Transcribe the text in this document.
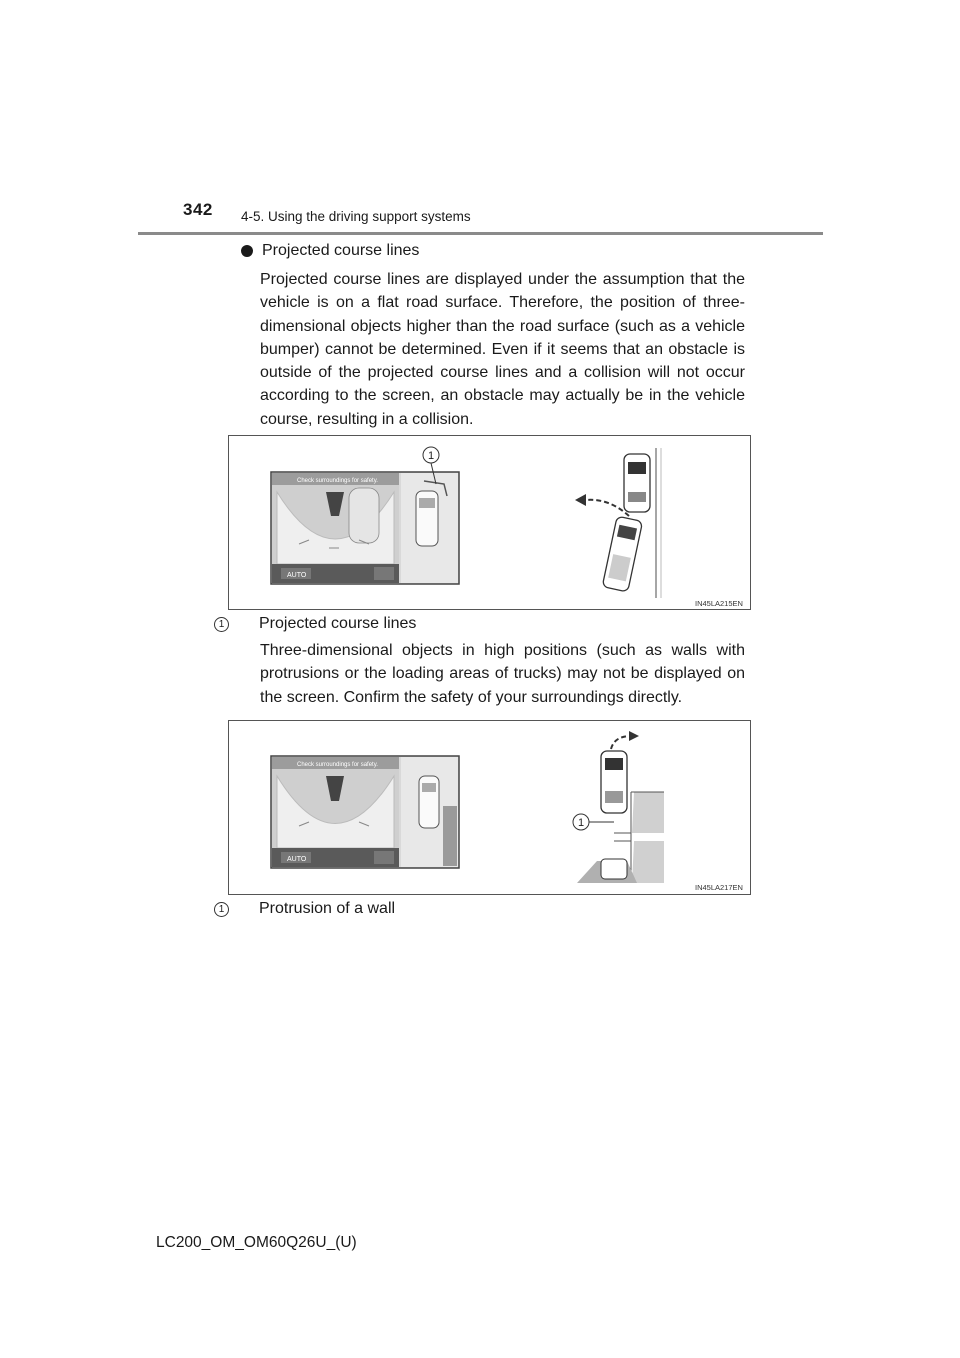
342 4-5. Using the driving support systems
Projected course lines
Projected course lines are displayed under the assumption that the vehicle is on a flat road surface. Therefore, the position of three-dimensional objects higher than the road surface (such as a vehicle bumper) cannot be determined. Even if it seems that an obstacle is outside of the projected course lines and a collision will not occur according to the screen, an obstacle may actually be in the vehicle course, resulting in a collision.
Check surroundings for safety.
AUTO
1
IN45LA215EN
1 Projected course lines
Three-dimensional objects in high positions (such as walls with protrusions or the loading areas of trucks) may not be displayed on the screen. Confirm the safety of your surroundings directly.
Check surroundings for safety.
AUTO
1
IN45LA217EN
1 Protrusion of a wall
LC200_OM_OM60Q26U_(U)
